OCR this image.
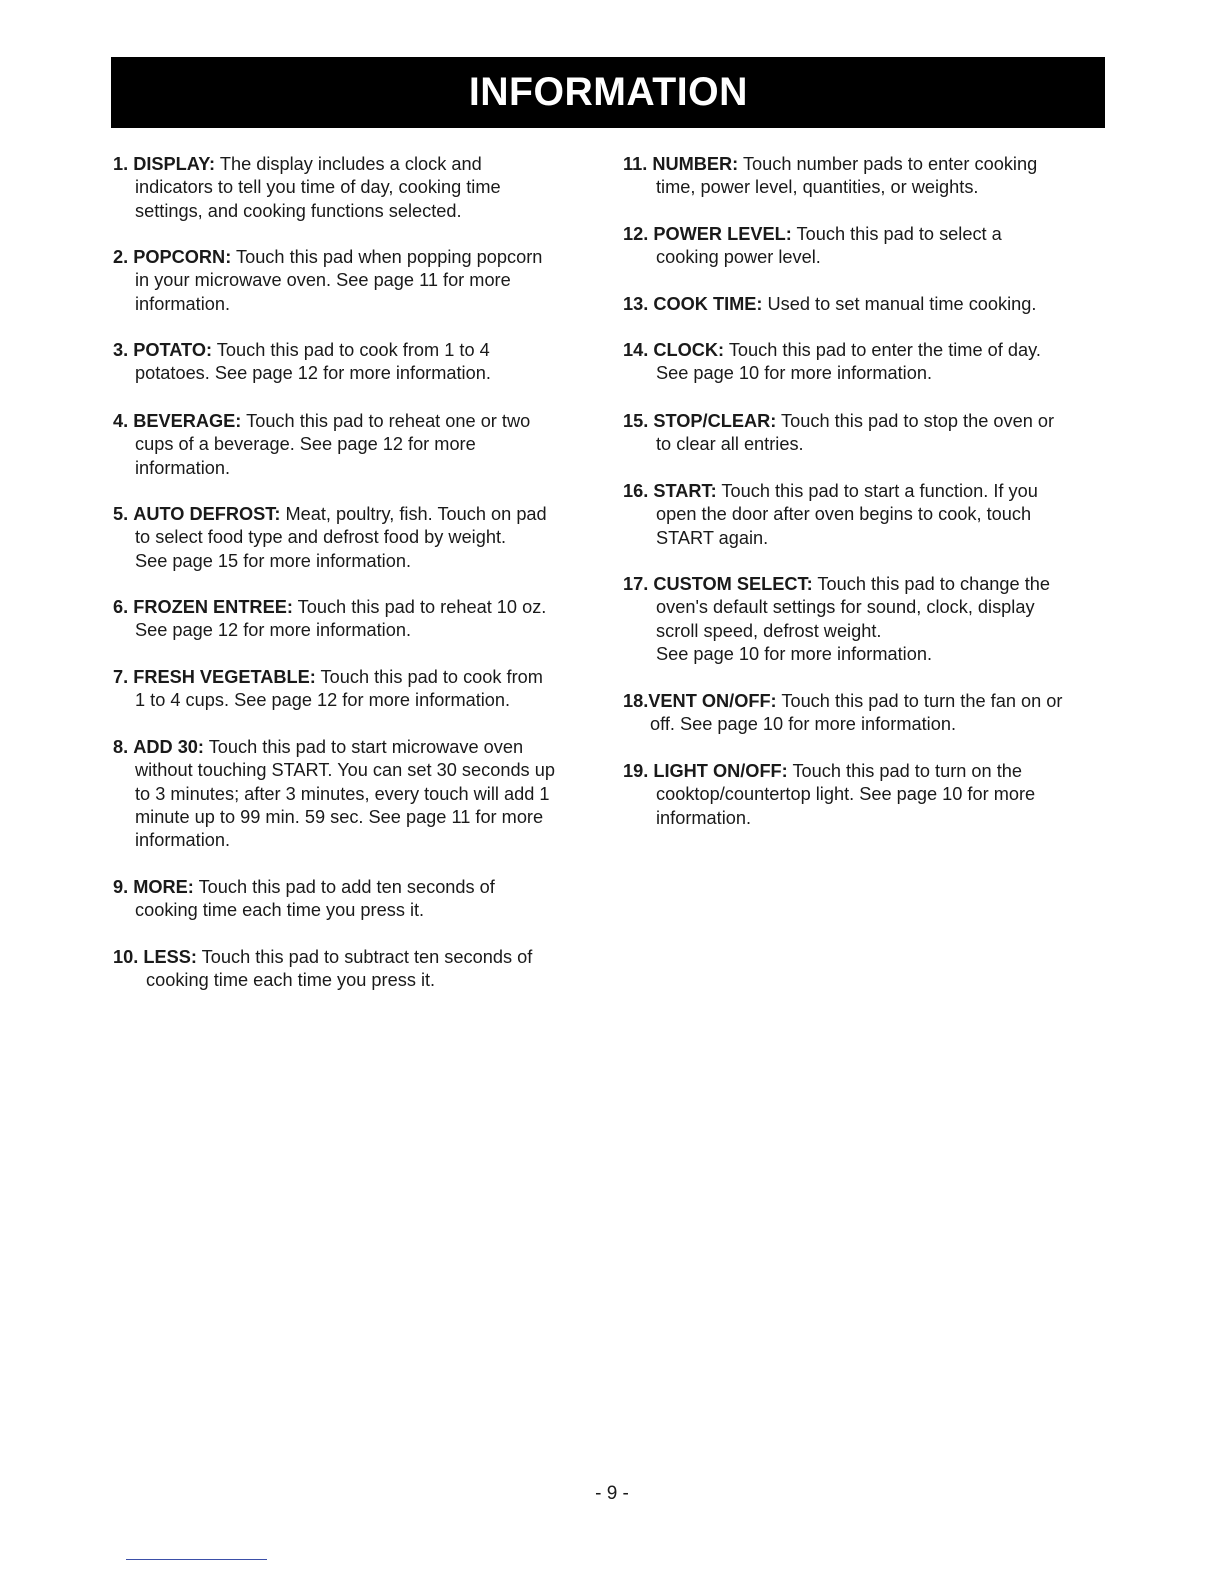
INFORMATION
1. DISPLAY: The display includes a clock and
indicators to tell you time of day, cooking time
settings, and cooking functions selected.
2. POPCORN: Touch this pad when popping popcorn
in your microwave oven. See page 11 for more
information.
3. POTATO: Touch this pad to cook from 1 to 4
potatoes. See page 12 for more information.
4. BEVERAGE: Touch this pad to reheat one or two
cups of a beverage. See page 12 for more
information.
5. AUTO DEFROST: Meat, poultry, fish. Touch on pad
to select food type and defrost food by weight.
See page 15 for more information.
6. FROZEN ENTREE: Touch this pad to reheat 10 oz.
See page 12 for more information.
7. FRESH VEGETABLE: Touch this pad to cook from
1 to 4 cups. See page 12 for more information.
8. ADD 30: Touch this pad to start microwave oven
without touching START. You can set 30 seconds up
to 3 minutes; after 3 minutes, every touch will add 1
minute up to 99 min. 59 sec. See page 11 for more
information.
9. MORE: Touch this pad to add ten seconds of
cooking time each time you press it.
10. LESS: Touch this pad to subtract ten seconds of
cooking time each time you press it.
11. NUMBER: Touch number pads to enter cooking
time, power level, quantities, or weights.
12. POWER LEVEL: Touch this pad to select a
cooking power level.
13. COOK TIME: Used to set manual time cooking.
14. CLOCK: Touch this pad to enter the time of day.
See page 10 for more information.
15. STOP/CLEAR: Touch this pad to stop the oven or
to clear all entries.
16. START: Touch this pad to start a function. If you
open the door after oven begins to cook, touch
START again.
17. CUSTOM SELECT: Touch this pad to change the
oven's default settings for sound, clock, display
scroll speed, defrost weight.
See page 10 for more information.
18.VENT ON/OFF: Touch this pad to turn the fan on or
off. See page 10 for more information.
19. LIGHT ON/OFF: Touch this pad to turn on the
cooktop/countertop light. See page 10 for more
information.
- 9 -
